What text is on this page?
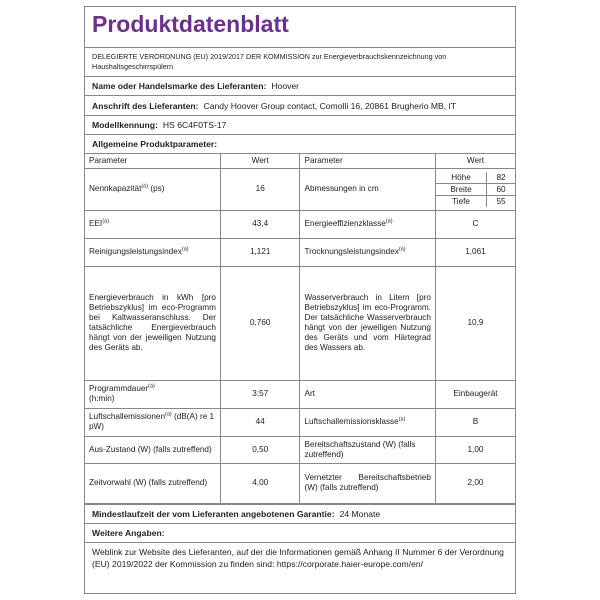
Produktdatenblatt
DELEGIERTE VERORDNUNG (EU) 2019/2017 DER KOMMISSION zur Energieverbrauchskennzeichnung von Haushaltsgeschirrspülern
Name oder Handelsmarke des Lieferanten: Hoover
Anschrift des Lieferanten: Candy Hoover Group contact, Comolli 16, 20861 Brugherio MB, IT
Modellkennung: HS 6C4F0TS-17
Allgemeine Produktparameter:
Parameter	Wert	Parameter	Wert
Nennkapazität$^{(a)}$ (ps)	16	Abmessungen in cm	
Höhe	82
Breite	60
Tiefe	55

EEI$^{(a)}$	43,4	Energieeffizienzklasse$^{(a)}$	C
Reinigungsleistungsindex$^{(a)}$	1,121	Trocknungsleistungsindex$^{(a)}$	1,061
Energieverbrauch in kWh [pro Betriebszyklus] im eco-Programm bei Kaltwasseranschluss. Der tatsächliche Energieverbrauch hängt von der jeweiligen Nutzung des Geräts ab.	0,760	Wasserverbrauch in Litern [pro Betriebszyklus] im eco-Programm. Der tatsächliche Wasserverbrauch hängt von der jeweiligen Nutzung des Geräts und vom Härtegrad des Wassers ab.	10,9
Programmdauer$^{(a)}$
(h:min)	3:57	Art	Einbaugerät
Luftschallemissionen$^{(a)}$ (dB(A) re 1 pW)	44	Luftschallemissionsklasse$^{(a)}$	B
Aus-Zustand (W) (falls zutreffend)	0,50	Bereitschaftszustand (W) (falls zutreffend)	1,00
Zeitvorwahl (W) (falls zutreffend)	4,00	Vernetzter Bereitschaftsbetrieb (W) (falls zutreffend)	2,00
Mindestlaufzeit der vom Lieferanten angebotenen Garantie: 24 Monate
Weitere Angaben:
Weblink zur Website des Lieferanten, auf der die Informationen gemäß Anhang II Nummer 6 der Verordnung (EU) 2019/2022 der Kommission zu finden sind: https://corporate.haier-europe.com/en/
